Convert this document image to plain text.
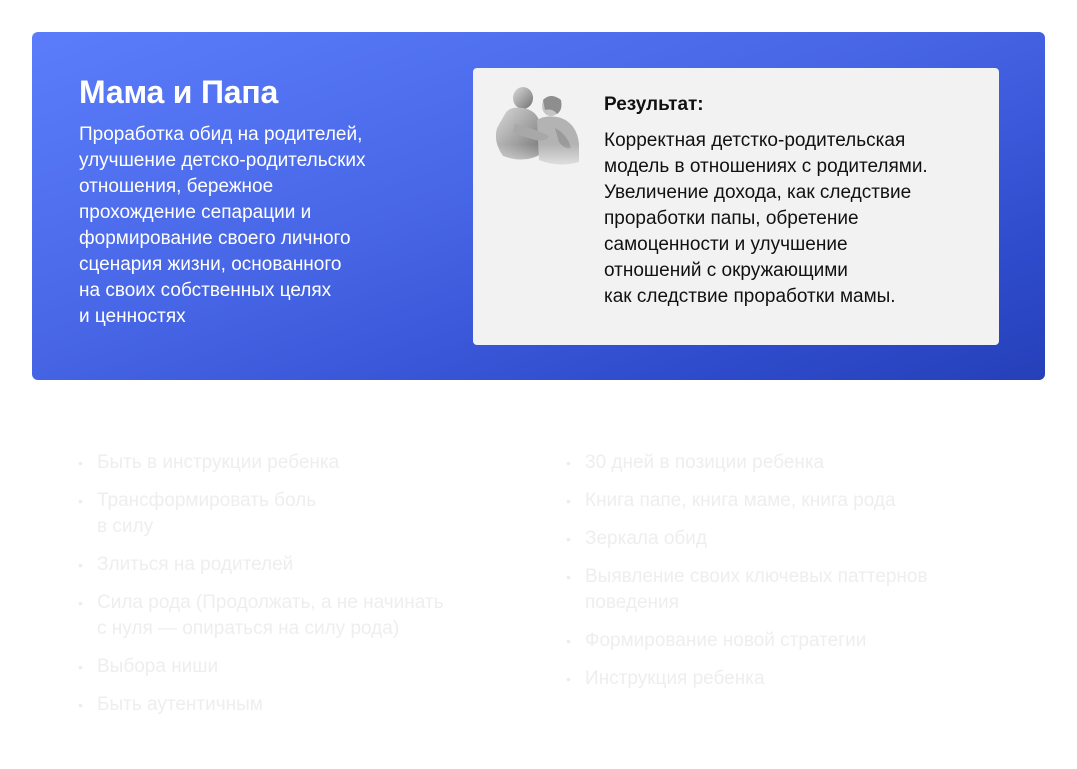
Мама и Папа

Проработка обид на родителей,
улучшение детско-родительских
отношения, бережное
прохождение сепарации и
формирование своего личного
сценария жизни, основанного
на своих собственных целях
и ценностях

Результат:

Корректная детстко-родительская
модель в отношениях с родителями.
Увеличение дохода, как следствие
проработки папы, обретение
самоценности и улучшение
отношений с окружающими
как следствие проработки мамы.

• Быть в инструкции ребенка
• Трансформировать боль
в силу
• Злиться на родителей
• Сила рода (Продолжать, а не начинать
с нуля — опираться на силу рода)
• Выбора ниши
• Быть аутентичным
• 30 дней в позиции ребенка
• Книга папе, книга маме, книга рода
• Зеркала обид
• Выявление своих ключевых паттернов
поведения
• Формирование новой стратегии
• Инструкция ребенка
